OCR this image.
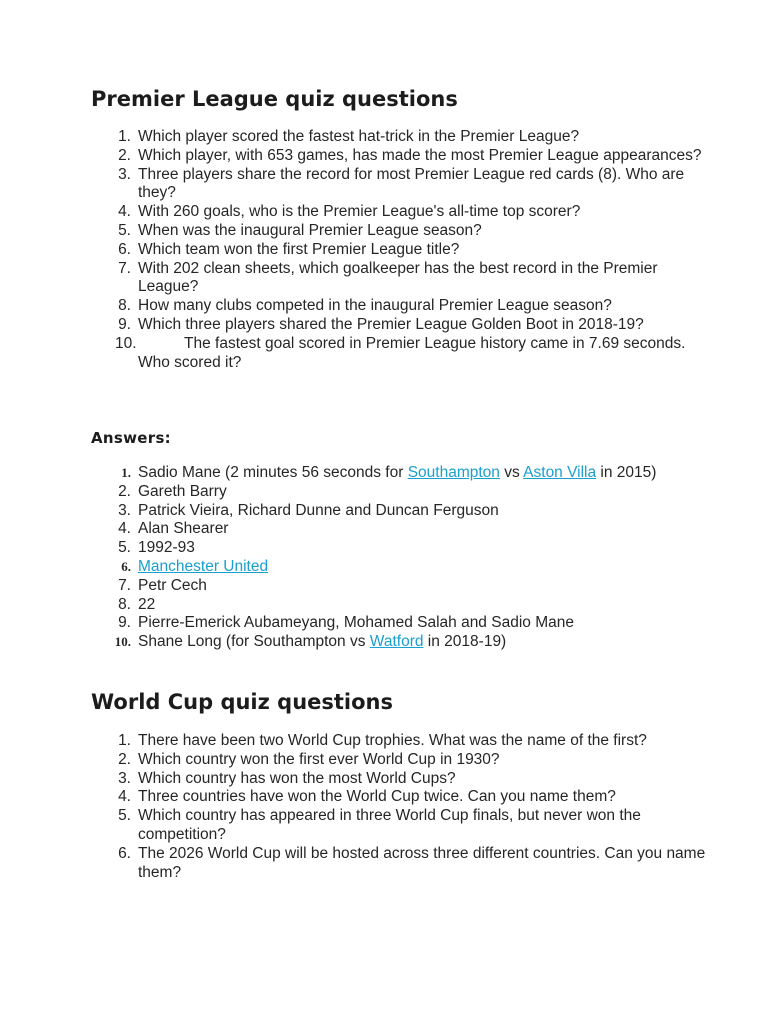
Premier League quiz questions
1. Which player scored the fastest hat-trick in the Premier League?
2. Which player, with 653 games, has made the most Premier League appearances?
3. Three players share the record for most Premier League red cards (8). Who are they?
4. With 260 goals, who is the Premier League's all-time top scorer?
5. When was the inaugural Premier League season?
6. Which team won the first Premier League title?
7. With 202 clean sheets, which goalkeeper has the best record in the Premier League?
8. How many clubs competed in the inaugural Premier League season?
9. Which three players shared the Premier League Golden Boot in 2018-19?
10.	The fastest goal scored in Premier League history came in 7.69 seconds. Who scored it?
Answers:
1. Sadio Mane (2 minutes 56 seconds for Southampton vs Aston Villa in 2015)
2. Gareth Barry
3. Patrick Vieira, Richard Dunne and Duncan Ferguson
4. Alan Shearer
5. 1992-93
6. Manchester United
7. Petr Cech
8. 22
9. Pierre-Emerick Aubameyang, Mohamed Salah and Sadio Mane
10. Shane Long (for Southampton vs Watford in 2018-19)
World Cup quiz questions
1. There have been two World Cup trophies. What was the name of the first?
2. Which country won the first ever World Cup in 1930?
3. Which country has won the most World Cups?
4. Three countries have won the World Cup twice. Can you name them?
5. Which country has appeared in three World Cup finals, but never won the competition?
6. The 2026 World Cup will be hosted across three different countries. Can you name them?
